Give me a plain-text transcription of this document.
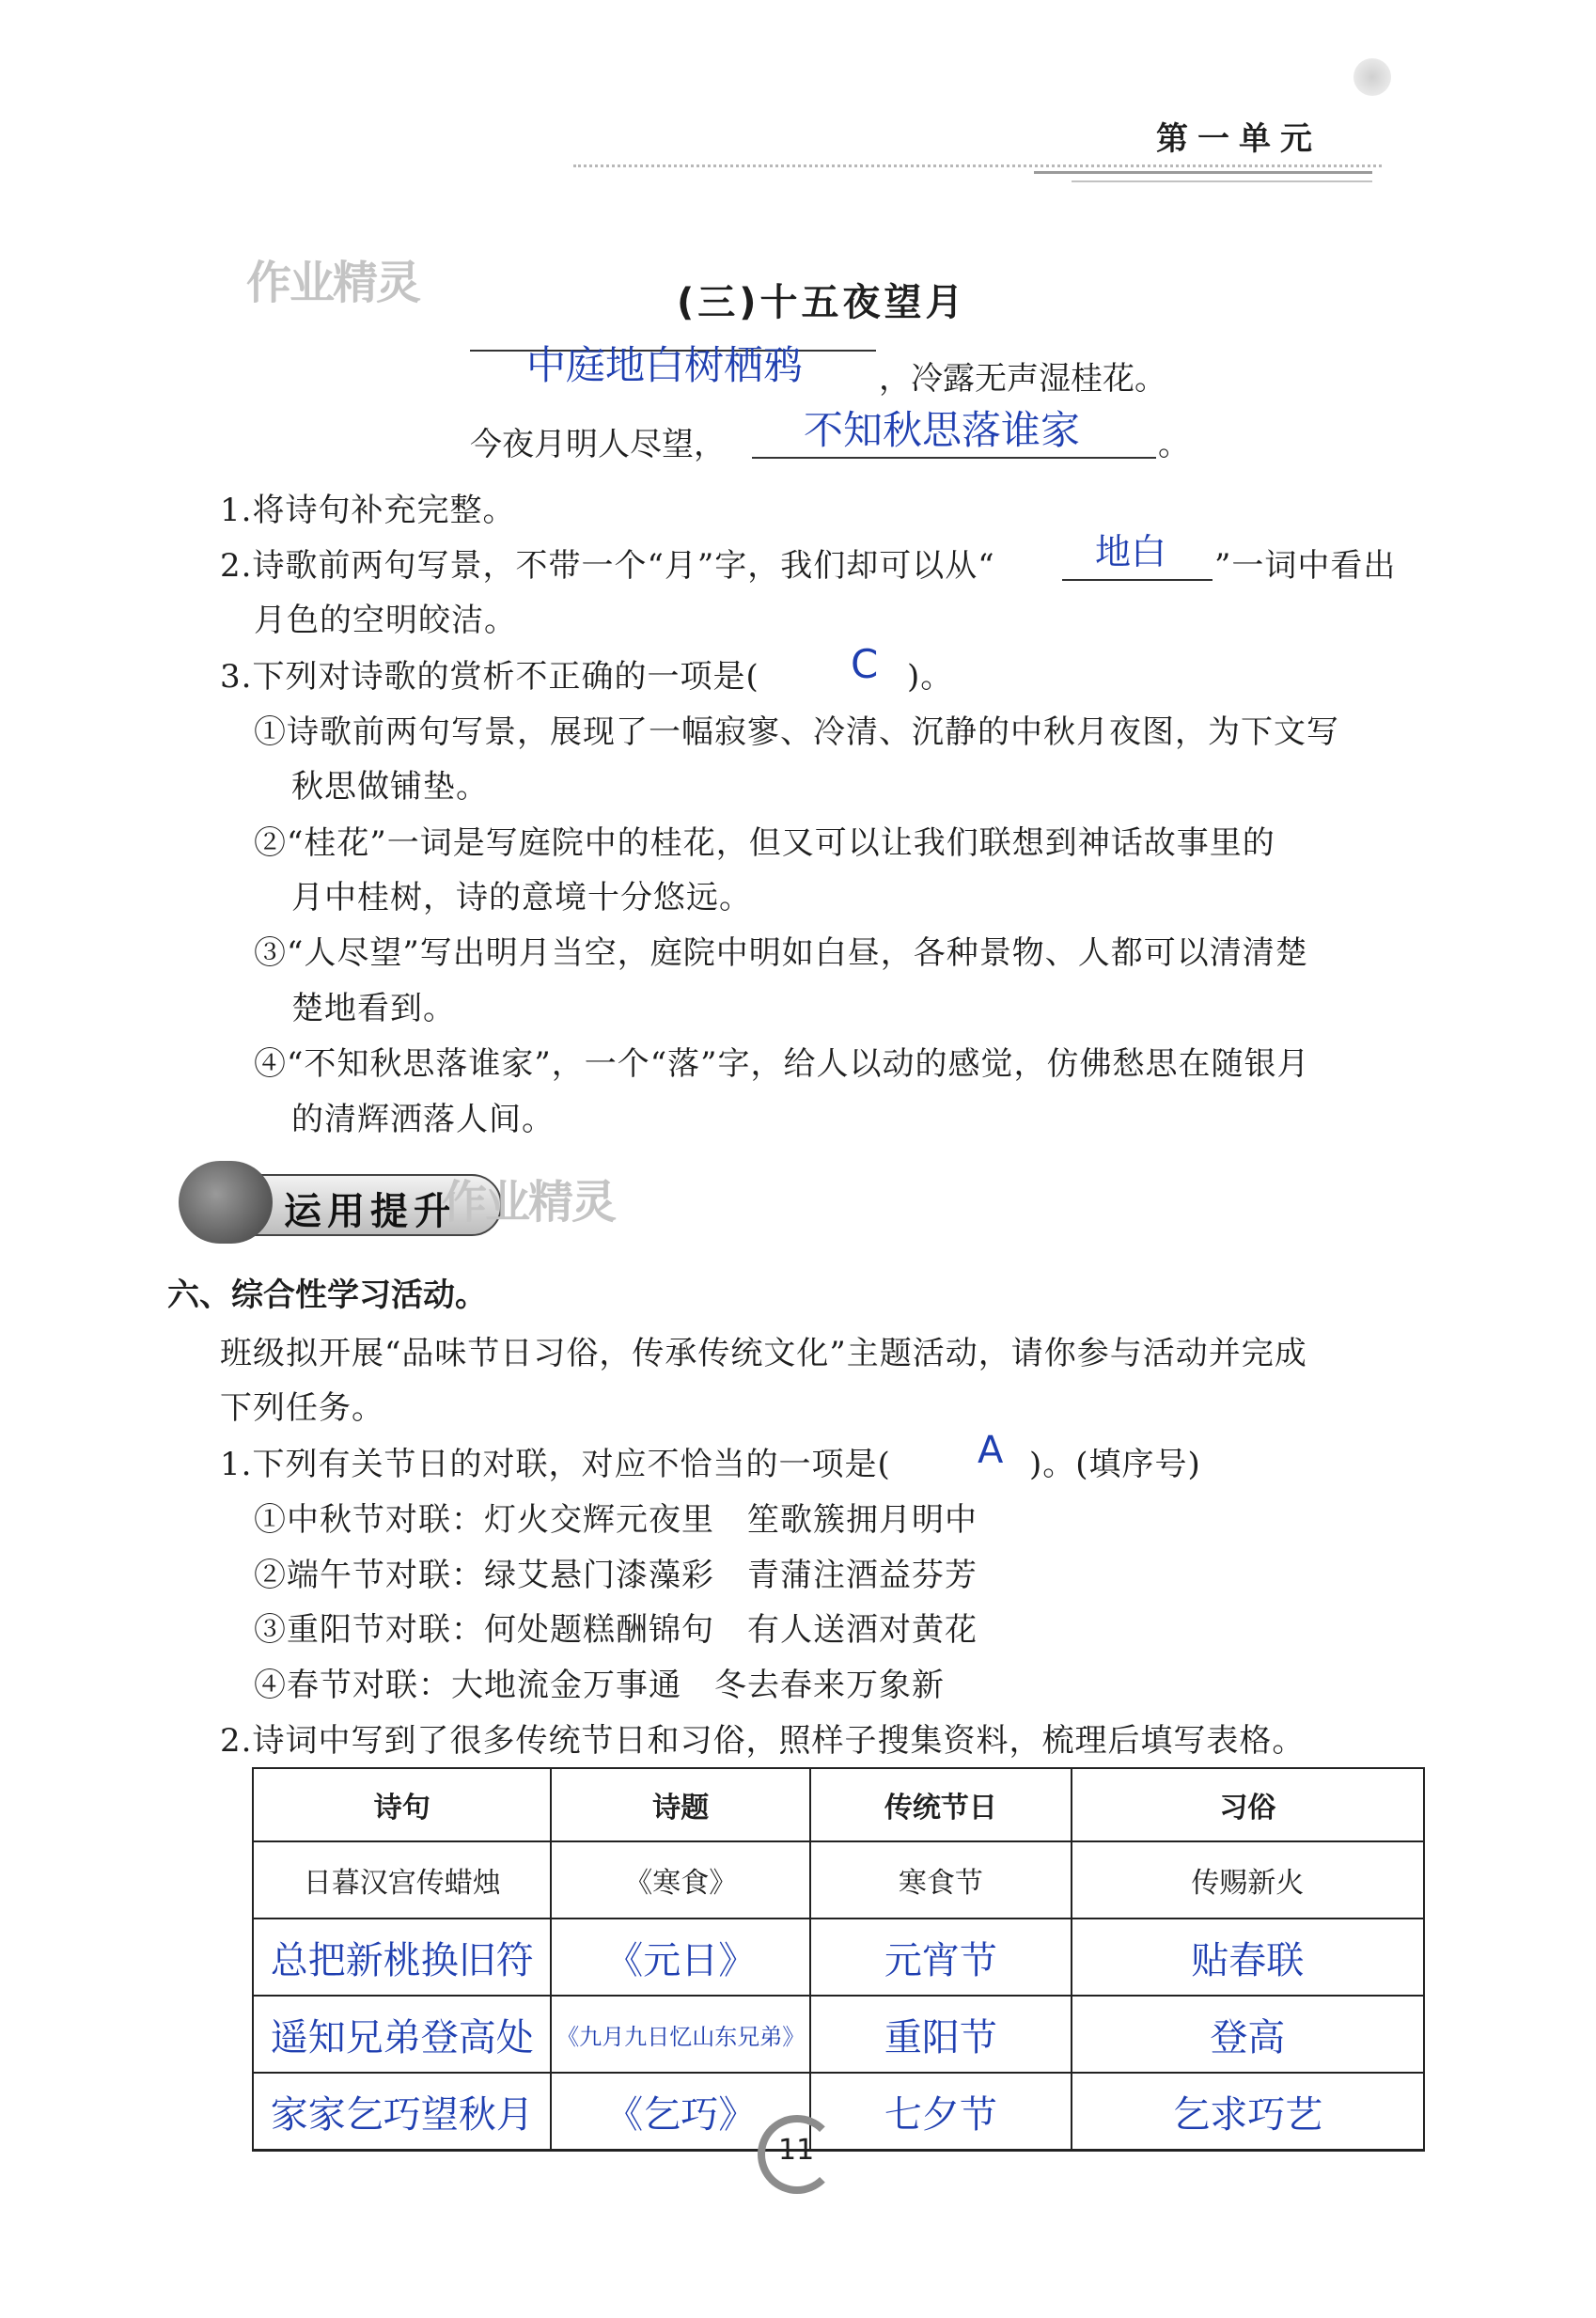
第一单元
作业精灵	(三)十五夜望月
中庭地白树栖鸦 ，冷露无声湿桂花。
今夜月明人尽望， 不知秋思落谁家 。
1.将诗句补充完整。
2.诗歌前两句写景，不带一个“月”字，我们却可以从“	地白 ”一词中看出
月色的空明皎洁。
3.下列对诗歌的赏析不正确的一项是( C )。
①诗歌前两句写景，展现了一幅寂寥、冷清、沉静的中秋月夜图，为下文写
秋思做铺垫。
②“桂花”一词是写庭院中的桂花，但又可以让我们联想到神话故事里的
月中桂树，诗的意境十分悠远。
③“人尽望”写出明月当空，庭院中明如白昼，各种景物、人都可以清清楚
楚地看到。
④“不知秋思落谁家”，一个“落”字，给人以动的感觉，仿佛愁思在随银月
的清辉洒落人间。
运用提升
作业精灵
六、综合性学习活动。
班级拟开展“品味节日习俗，传承传统文化”主题活动，请你参与活动并完成
下列任务。
1.下列有关节日的对联，对应不恰当的一项是( A )。(填序号)
①中秋节对联：灯火交辉元夜里　笙歌簇拥月明中
②端午节对联：绿艾悬门漆藻彩　青蒲注酒益芬芳
③重阳节对联：何处题糕酬锦句　有人送酒对黄花
④春节对联：大地流金万事通　冬去春来万象新
2.诗词中写到了很多传统节日和习俗，照样子搜集资料，梳理后填写表格。
诗句	诗题	传统节日	习俗
日暮汉宫传蜡烛	《寒食》	寒食节	传赐新火
总把新桃换旧符	《元日》	元宵节	贴春联
遥知兄弟登高处	《九月九日忆山东兄弟》	重阳节	登高
家家乞巧望秋月	《乞巧》	七夕节	乞求巧艺
11
